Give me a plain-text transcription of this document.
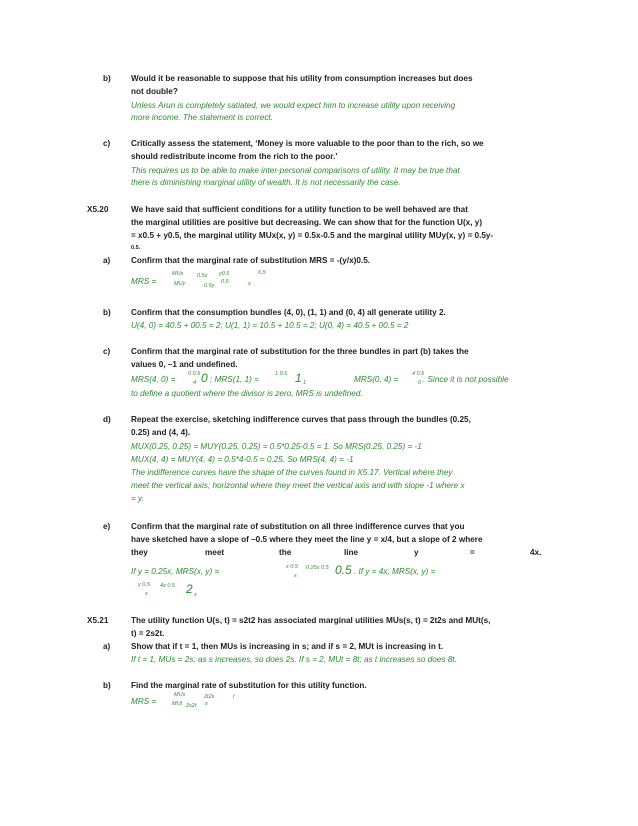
b) Would it be reasonable to suppose that his utility from consumption increases but does
not double?
Unless Arun is completely satiated, we would expect him to increase utility upon receiving
more income. The statement is correct.
c)	Critically assess the statement, ‘Money is more valuable to the poor than to the rich, so we
should redistribute income from the rich to the poor.’
This requires us to be able to make inter-personal comparisons of utility. It may be true that
there is diminishing marginal utility of wealth. It is not necessarily the case.
X5.20	We have said that sufficient conditions for a utility function to be well behaved are that
the marginal utilities are positive but decreasing. We can show that for the function U(x, y)
= x0.5 + y0.5, the marginal utility MUx(x, y) = 0.5x-0.5 and the marginal utility MUy(x, y) = 0.5y-
0.5.
a)	Confirm that the marginal rate of substitution MRS = -(y/x)0.5.
MRS =
MUx
MUy
0.5x
0.5y
y0.5
0.5
0.5
x
b) Confirm that the consumption bundles (4, 0), (1, 1) and (0, 4) all generate utility 2.
U(4, 0) = 40.5 + 00.5 = 2; U(1, 1) = 10.5 + 10.5 = 2; U(0, 4) = 40.5 + 00.5 = 2
c)	Confirm that the marginal rate of substitution for the three bundles in part (b) takes the
values 0, –1 and undefined.
MRS(4, 0) =
0 0.5
4 0 ; MRS(1, 1) =
1 0.5 1 1	MRS(0, 4) =
4 0.5
0 . Since it is not possible
to define a quotient where the divisor is zero, MRS is undefined.
d) Repeat the exercise, sketching indifference curves that pass through the bundles (0.25,
0.25) and (4, 4).
MUX(0.25, 0.25) = MUY(0.25, 0.25) = 0.5*0.25-0.5 = 1. So MRS(0.25, 0.25) = -1
MUX(4, 4) = MUY(4, 4) = 0.5*4-0.5 = 0.25. So MRS(4, 4) = -1
The indifference curves have the shape of the curves found in X5.17. Vertical where they
meet the vertical axis; horizontal where they meet the vertical axis and with slope -1 where x
= y.
e)	Confirm that the marginal rate of substitution on all three indifference curves that you
have sketched have a slope of –0.5 where they meet the line y = x/4, but a slope of 2 where
they	meet	the	line	y	=	4x.
If y = 0.25x, MRS(x, y) =	x 0.5
x
0.25x 0.5 0.5 . If y = 4x, MRS(x, y) =
y 0.5
x
4x 0.5 2 x
X5.21	The utility function U(s, t) = s2t2 has associated marginal utilities MUs(s, t) = 2t2s and MUt(s,
t) = 2s2t.
a)	Show that if t = 1, then MUs is increasing in s; and if s = 2, MUt is increasing in t.
If t = 1, MUs = 2s; as s increases, so does 2s. If s = 2, MUt = 8t; as t increases so does 8t.
b) Find the marginal rate of substitution for this utility function.
MRS =
MUs
MUt
2t2s
2s2t
t
s
